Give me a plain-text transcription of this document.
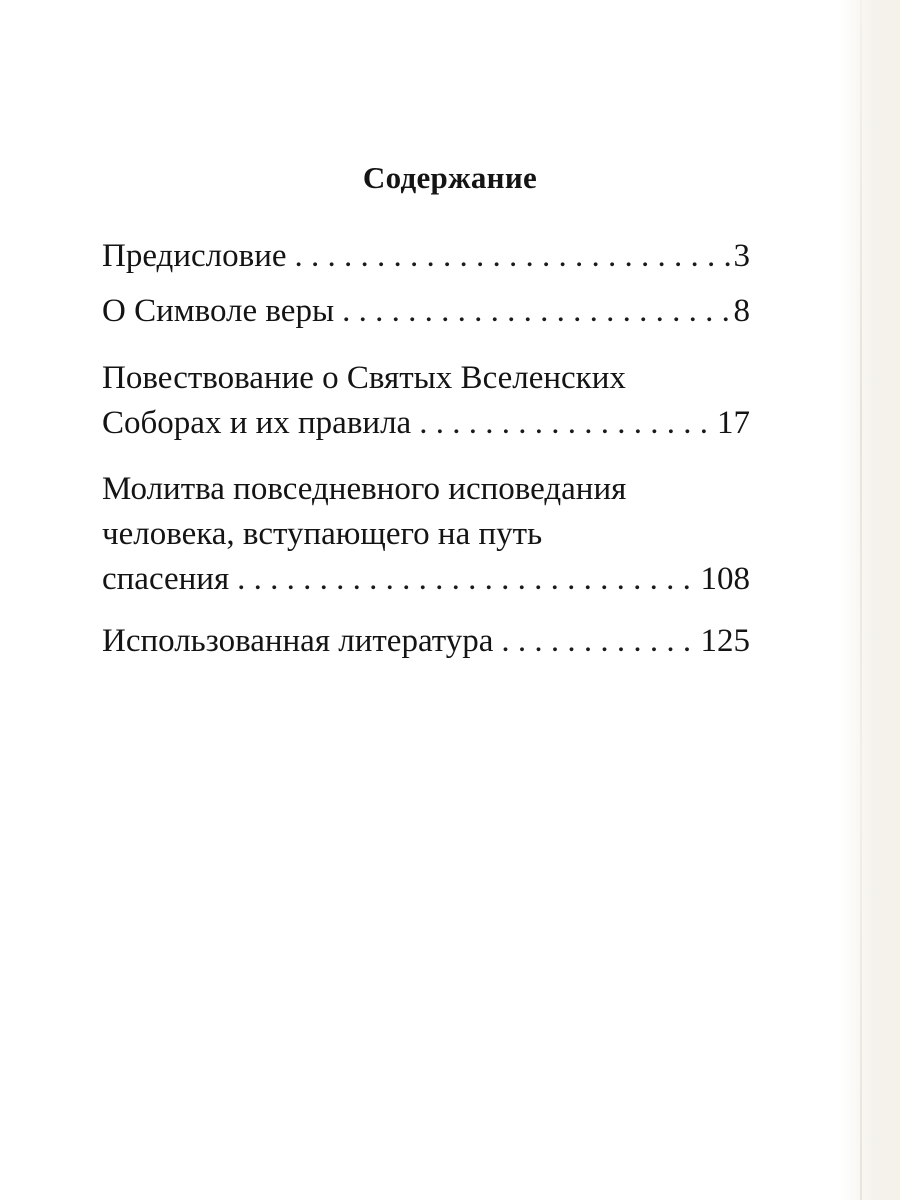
Содержание
Предисловие . . .	3
О Символе веры . . .	8
Повествование о Святых Вселенских
Соборах и их правила . . .	17
Молитва повседневного исповедания
человека, вступающего на путь
спасения . . .	108
Использованная литература . . .	125
